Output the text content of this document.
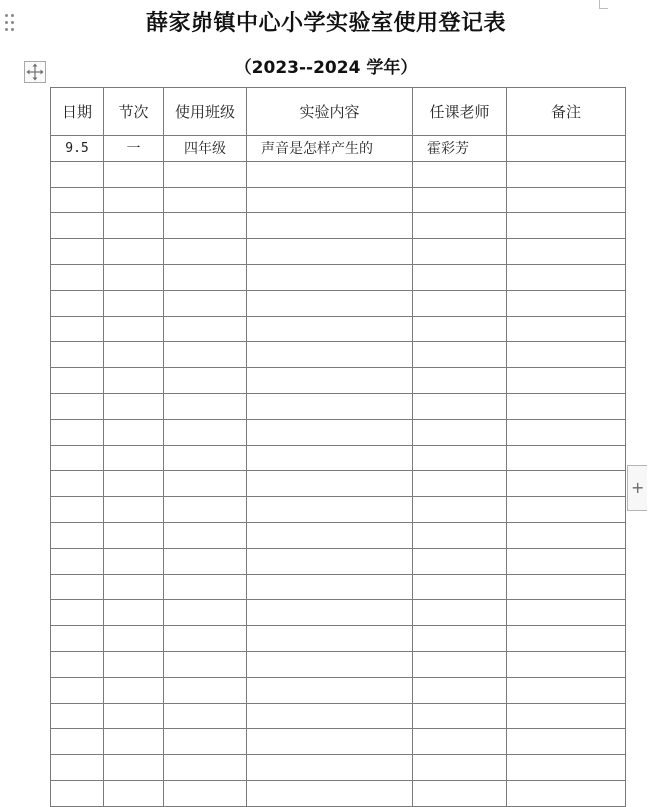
薛家峁镇中心小学实验室使用登记表
（2023--2024 学年）
日期	节次	使用班级	实验内容	任课老师	备注
9.5	一	四年级	声音是怎样产生的	霍彩芳	

+
